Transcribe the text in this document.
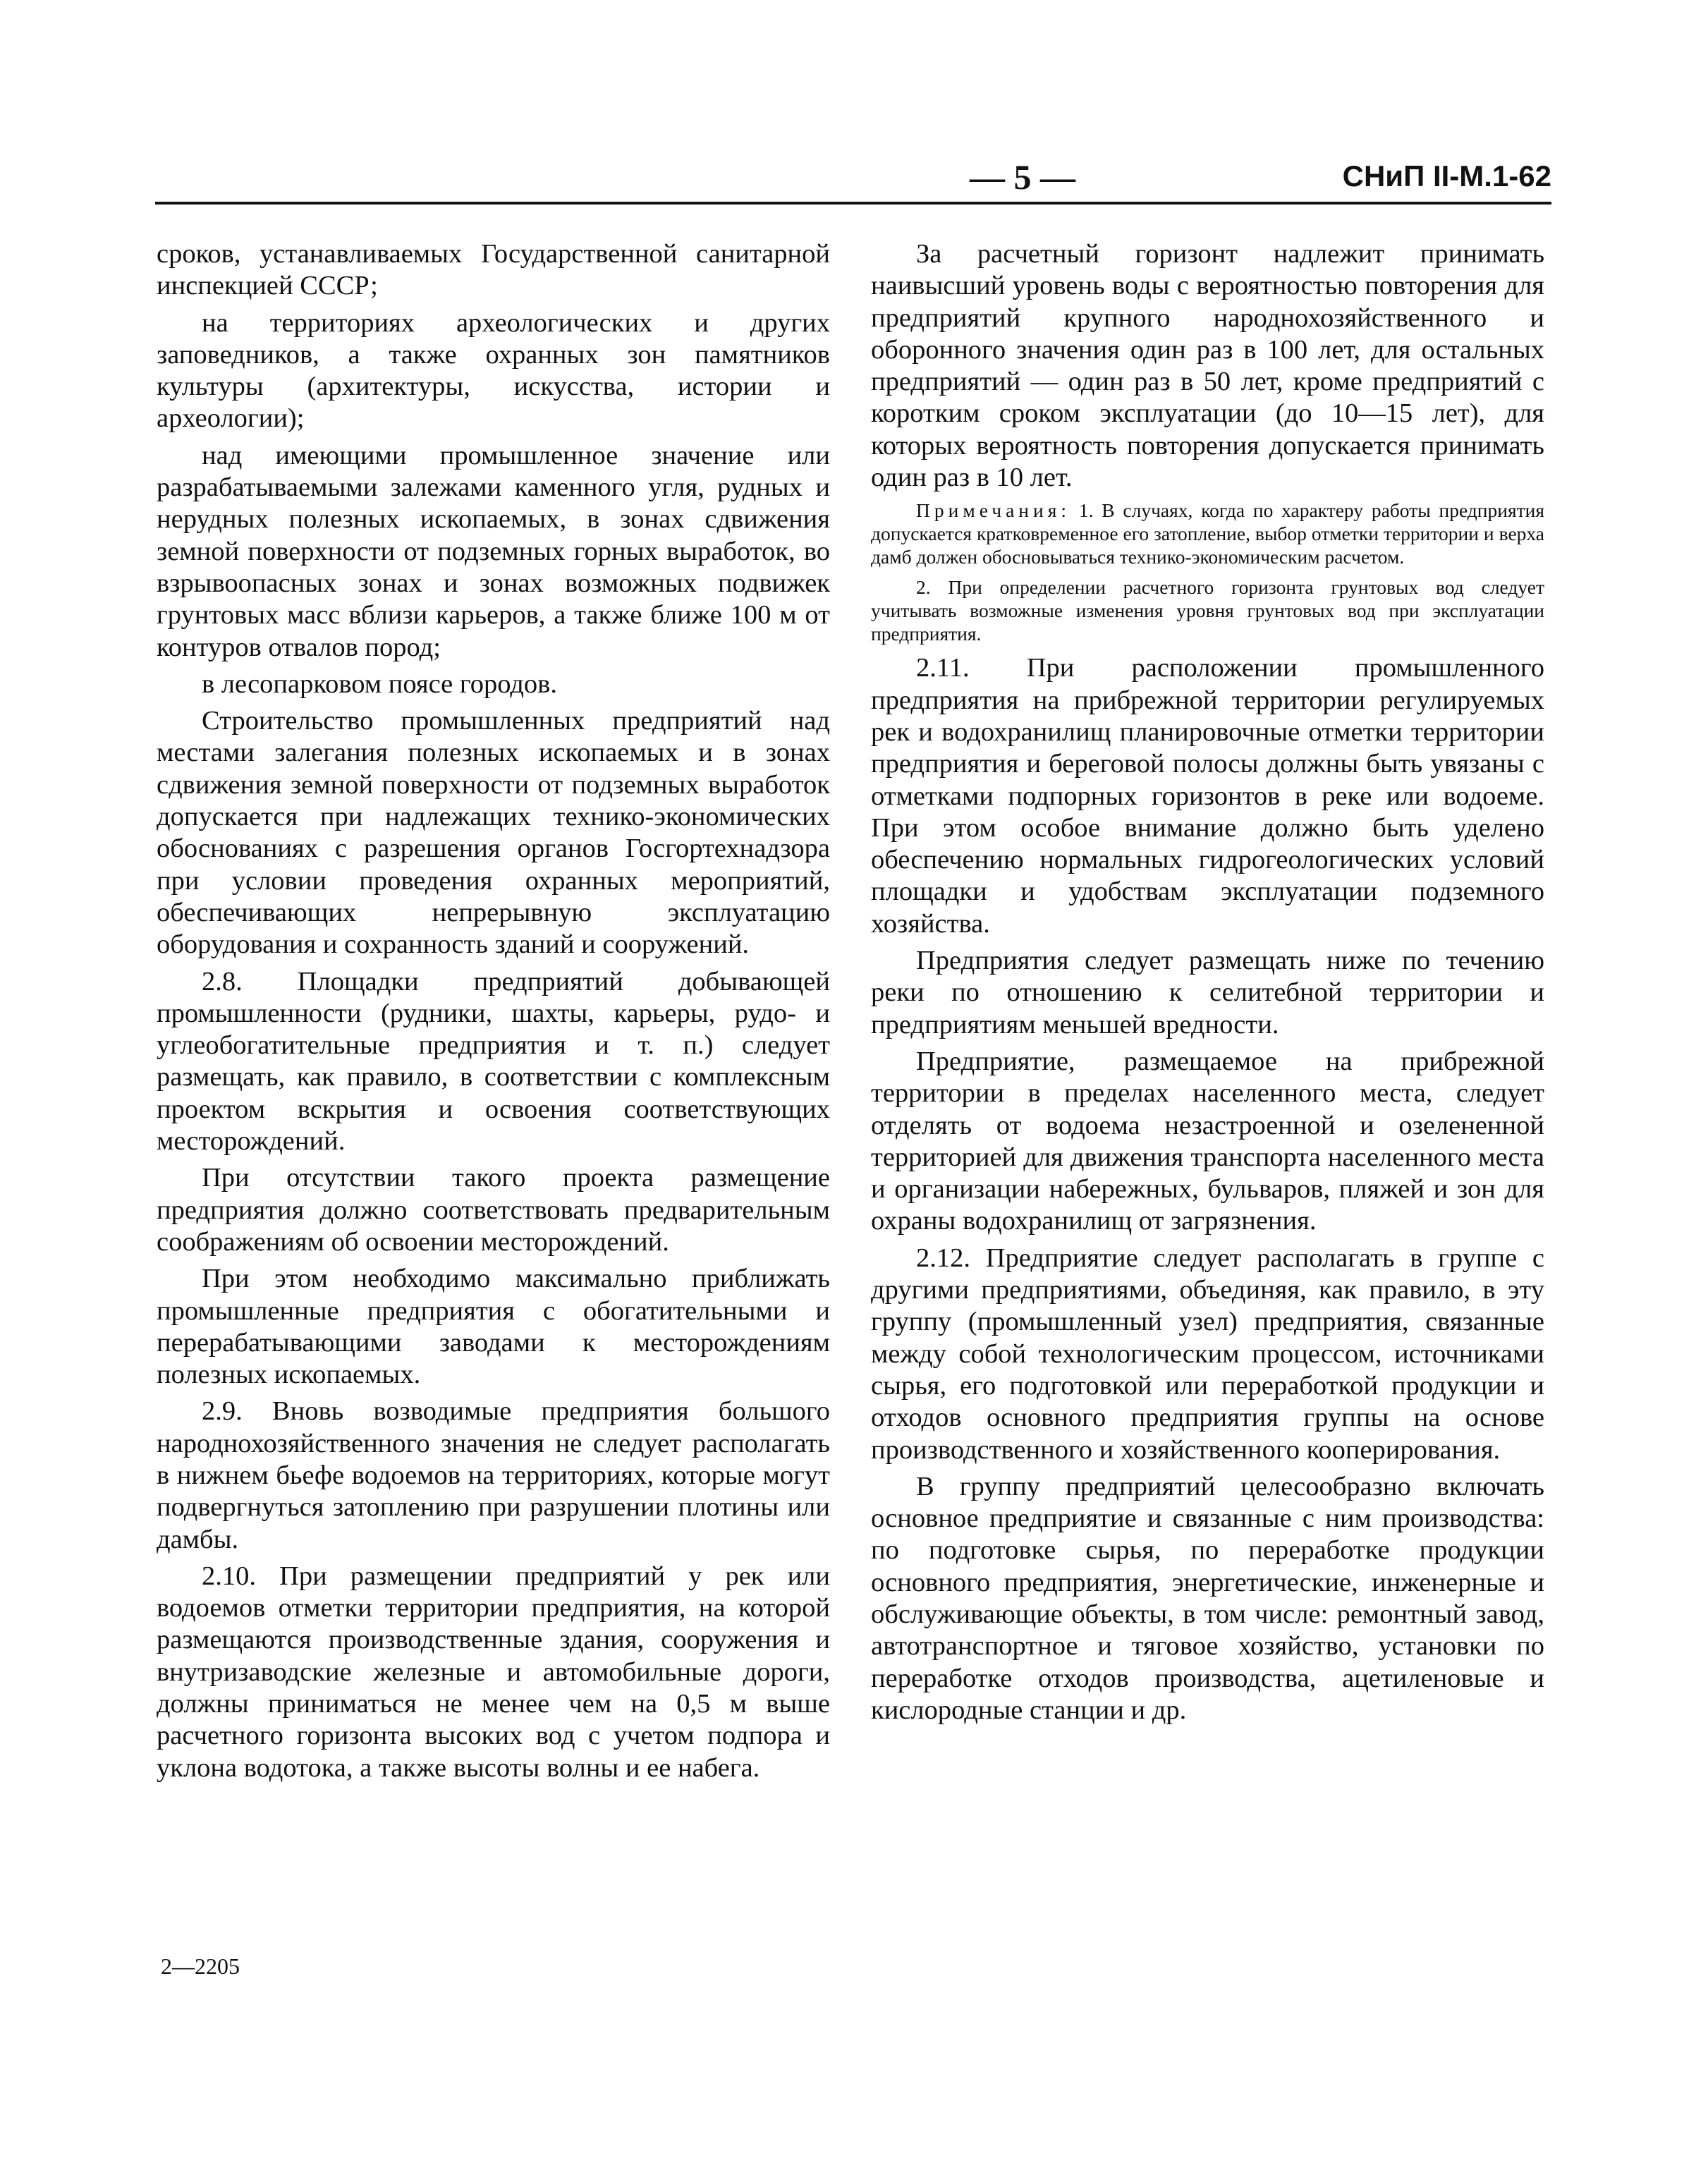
— 5 —	СНиП II-М.1-62

сроков, устанавливаемых Государственной санитарной инспекцией СССР;

на территориях археологических и других заповедников, а также охранных зон памятников культуры (архитектуры, искусства, истории и археологии);

над имеющими промышленное значение или разрабатываемыми залежами каменного угля, рудных и нерудных полезных ископаемых, в зонах сдвижения земной поверхности от подземных горных выработок, во взрывоопасных зонах и зонах возможных подвижек грунтовых масс вблизи карьеров, а также ближе 100 м от контуров отвалов пород;

в лесопарковом поясе городов.

Строительство промышленных предприятий над местами залегания полезных ископаемых и в зонах сдвижения земной поверхности от подземных выработок допускается при надлежащих технико-экономических обоснованиях с разрешения органов Госгортехнадзора при условии проведения охранных мероприятий, обеспечивающих непрерывную эксплуатацию оборудования и сохранность зданий и сооружений.

2.8. Площадки предприятий добывающей промышленности (рудники, шахты, карьеры, рудо- и углеобогатительные предприятия и т. п.) следует размещать, как правило, в соответствии с комплексным проектом вскрытия и освоения соответствующих месторождений.

При отсутствии такого проекта размещение предприятия должно соответствовать предварительным соображениям об освоении месторождений.

При этом необходимо максимально приближать промышленные предприятия с обогатительными и перерабатывающими заводами к месторождениям полезных ископаемых.

2.9. Вновь возводимые предприятия большого народнохозяйственного значения не следует располагать в нижнем бьефе водоемов на территориях, которые могут подвергнуться затоплению при разрушении плотины или дамбы.

2.10. При размещении предприятий у рек или водоемов отметки территории предприятия, на которой размещаются производственные здания, сооружения и внутризаводские железные и автомобильные дороги, должны приниматься не менее чем на 0,5 м выше расчетного горизонта высоких вод с учетом подпора и уклона водотока, а также высоты волны и ее набега.

За расчетный горизонт надлежит принимать наивысший уровень воды с вероятностью повторения для предприятий крупного народнохозяйственного и оборонного значения один раз в 100 лет, для остальных предприятий — один раз в 50 лет, кроме предприятий с коротким сроком эксплуатации (до 10—15 лет), для которых вероятность повторения допускается принимать один раз в 10 лет.

Примечания: 1. В случаях, когда по характеру работы предприятия допускается кратковременное его затопление, выбор отметки территории и верха дамб должен обосновываться технико-экономическим расчетом.

2. При определении расчетного горизонта грунтовых вод следует учитывать возможные изменения уровня грунтовых вод при эксплуатации предприятия.

2.11. При расположении промышленного предприятия на прибрежной территории регулируемых рек и водохранилищ планировочные отметки территории предприятия и береговой полосы должны быть увязаны с отметками подпорных горизонтов в реке или водоеме. При этом особое внимание должно быть уделено обеспечению нормальных гидрогеологических условий площадки и удобствам эксплуатации подземного хозяйства.

Предприятия следует размещать ниже по течению реки по отношению к селитебной территории и предприятиям меньшей вредности.

Предприятие, размещаемое на прибрежной территории в пределах населенного места, следует отделять от водоема незастроенной и озелененной территорией для движения транспорта населенного места и организации набережных, бульваров, пляжей и зон для охраны водохранилищ от загрязнения.

2.12. Предприятие следует располагать в группе с другими предприятиями, объединяя, как правило, в эту группу (промышленный узел) предприятия, связанные между собой технологическим процессом, источниками сырья, его подготовкой или переработкой продукции и отходов основного предприятия группы на основе производственного и хозяйственного кооперирования.

В группу предприятий целесообразно включать основное предприятие и связанные с ним производства: по подготовке сырья, по переработке продукции основного предприятия, энергетические, инженерные и обслуживающие объекты, в том числе: ремонтный завод, автотранспортное и тяговое хозяйство, установки по переработке отходов производства, ацетиленовые и кислородные станции и др.

2—2205
